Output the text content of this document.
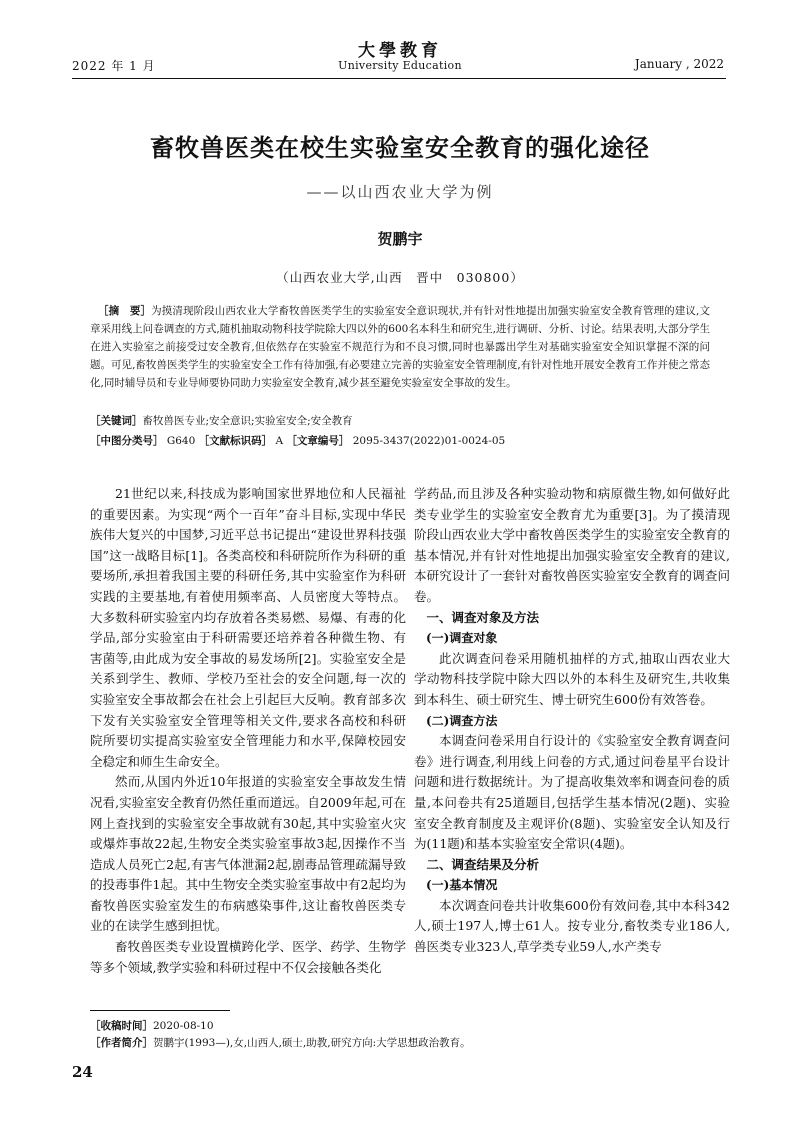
大學教育
University Education
2022 年 1 月	January , 2022
畜牧兽医类在校生实验室安全教育的强化途径
——以山西农业大学为例
贺鹏宇
（山西农业大学,山西　晋中　030800）
［摘　要］为摸清现阶段山西农业大学畜牧兽医类学生的实验室安全意识现状,并有针对性地提出加强实验室安全教育管理的建议,文章采用线上问卷调查的方式,随机抽取动物科技学院除大四以外的600名本科生和研究生,进行调研、分析、讨论。结果表明,大部分学生在进入实验室之前接受过安全教育,但依然存在实验室不规范行为和不良习惯,同时也暴露出学生对基础实验室安全知识掌握不深的问题。可见,畜牧兽医类学生的实验室安全工作有待加强,有必要建立完善的实验室安全管理制度,有针对性地开展安全教育工作并使之常态化,同时辅导员和专业导师要协同助力实验室安全教育,减少甚至避免实验室安全事故的发生。
［关键词］畜牧兽医专业;安全意识;实验室安全;安全教育
［中图分类号］ G640 ［文献标识码］ A ［文章编号］ 2095-3437(2022)01-0024-05

21世纪以来,科技成为影响国家世界地位和人民福祉的重要因素。为实现“两个一百年”奋斗目标,实现中华民族伟大复兴的中国梦,习近平总书记提出“建设世界科技强国”这一战略目标[1]。各类高校和科研院所作为科研的重要场所,承担着我国主要的科研任务,其中实验室作为科研实践的主要基地,有着使用频率高、人员密度大等特点。大多数科研实验室内均存放着各类易燃、易爆、有毒的化学品,部分实验室由于科研需要还培养着各种微生物、有害菌等,由此成为安全事故的易发场所[2]。实验室安全是关系到学生、教师、学校乃至社会的安全问题,每一次的实验室安全事故都会在社会上引起巨大反响。教育部多次下发有关实验室安全管理等相关文件,要求各高校和科研院所要切实提高实验室安全管理能力和水平,保障校园安全稳定和师生生命安全。

然而,从国内外近10年报道的实验室安全事故发生情况看,实验室安全教育仍然任重而道远。自2009年起,可在网上查找到的实验室安全事故就有30起,其中实验室火灾或爆炸事故22起,生物安全类实验室事故3起,因操作不当造成人员死亡2起,有害气体泄漏2起,剧毒品管理疏漏导致的投毒事件1起。其中生物安全类实验室事故中有2起均为畜牧兽医实验室发生的布病感染事件,这让畜牧兽医类专业的在读学生感到担忧。

畜牧兽医类专业设置横跨化学、医学、药学、生物学等多个领域,教学实验和科研过程中不仅会接触各类化

学药品,而且涉及各种实验动物和病原微生物,如何做好此类专业学生的实验室安全教育尤为重要[3]。为了摸清现阶段山西农业大学中畜牧兽医类学生的实验室安全教育的基本情况,并有针对性地提出加强实验室安全教育的建议,本研究设计了一套针对畜牧兽医实验室安全教育的调查问卷。

一、调查对象及方法
(一)调查对象

此次调查问卷采用随机抽样的方式,抽取山西农业大学动物科技学院中除大四以外的本科生及研究生,共收集到本科生、硕士研究生、博士研究生600份有效答卷。

(二)调查方法

本调查问卷采用自行设计的《实验室安全教育调查问卷》进行调查,利用线上问卷的方式,通过问卷星平台设计问题和进行数据统计。为了提高收集效率和调查问卷的质量,本问卷共有25道题目,包括学生基本情况(2题)、实验室安全教育制度及主观评价(8题)、实验室安全认知及行为(11题)和基本实验室安全常识(4题)。

二、调查结果及分析
(一)基本情况

本次调查问卷共计收集600份有效问卷,其中本科342人,硕士197人,博士61人。按专业分,畜牧类专业186人,兽医类专业323人,草学类专业59人,水产类专

［收稿时间］2020-08-10
［作者简介］贺鹏宇(1993—),女,山西人,硕士,助教,研究方向:大学思想政治教育。
24
